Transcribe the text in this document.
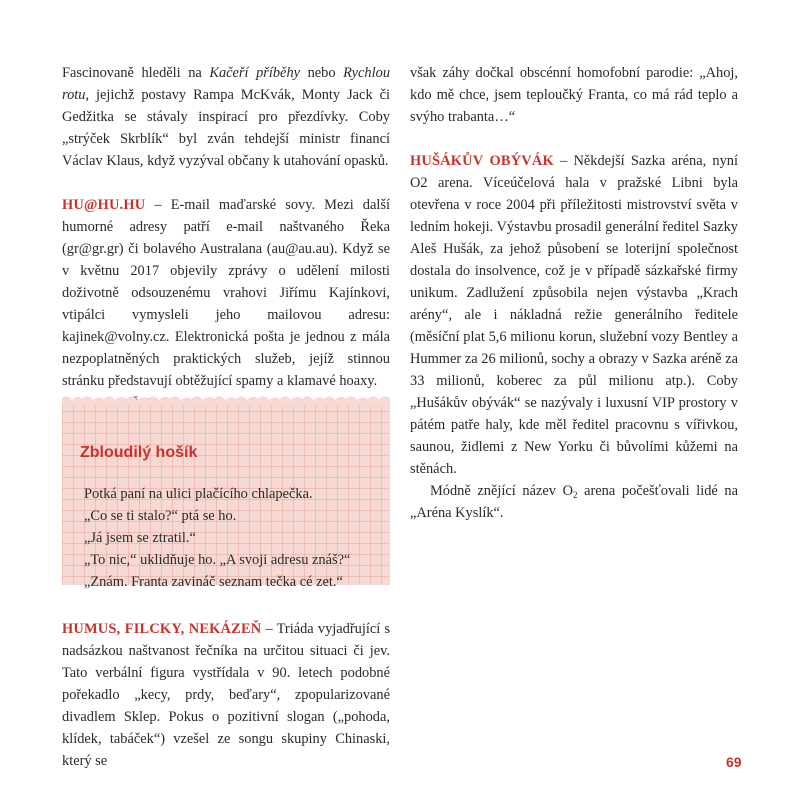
Fascinovaně hleděli na Kačeří příběhy nebo Rychlou rotu, jejichž postavy Rampa McKvák, Monty Jack či Gedžitka se stávaly inspirací pro přezdívky. Coby „strýček Skrblík“ byl zván tehdejší ministr financí Václav Klaus, když vyzýval občany k utahování opasků.

HU@HU.HU – E-mail maďarské sovy. Mezi další humorné adresy patří e-mail naštvaného Řeka (gr@gr.gr) či bolavého Australana (au@au.au). Když se v květnu 2017 objevily zprávy o udělení milosti doživotně odsouzenému vrahovi Jiřímu Kajínkovi, vtipálci vymysleli jeho mailovou adresu: kajinek@volny.cz. Elektronická pošta je jednou z mála nezpoplatněných praktických služeb, jejíž stinnou stránku představují obtěžující spamy a klamavé hoaxy.

Zbloudilý hošík
Potká paní na ulici plačícího chlapečka.
„Co se ti stalo?“ ptá se ho.
„Já jsem se ztratil.“
„To nic,“ uklidňuje ho. „A svoji adresu znáš?“
„Znám. Franta zavináč seznam tečka cé zet.“

HUMUS, FILCKY, NEKÁZEŇ – Triáda vyjadřující s nadsázkou naštvanost řečníka na určitou situaci či jev. Tato verbální figura vystřídala v 90. letech podobné pořekadlo „kecy, prdy, beďary“, zpopularizované divadlem Sklep. Pokus o pozitivní slogan („pohoda, klídek, tabáček“) vzešel ze songu skupiny Chinaski, který se

však záhy dočkal obscénní homofobní parodie: „Ahoj, kdo mě chce, jsem teploučký Franta, co má rád teplo a svýho trabanta…“

HUŠÁKŮV OBÝVÁK – Někdejší Sazka aréna, nyní O2 arena. Víceúčelová hala v pražské Libni byla otevřena v roce 2004 při příležitosti mistrovství světa v ledním hokeji. Výstavbu prosadil generální ředitel Sazky Aleš Hušák, za jehož působení se loterijní společnost dostala do insolvence, což je v případě sázkařské firmy unikum. Zadlužení způsobila nejen výstavba „Krach arény“, ale i nákladná režie generálního ředitele (měsíční plat 5,6 milionu korun, služební vozy Bentley a Hummer za 26 milionů, sochy a obrazy v Sazka aréně za 33 milionů, koberec za půl milionu atp.). Coby „Hušákův obývák“ se nazývaly i luxusní VIP prostory v pátém patře haly, kde měl ředitel pracovnu s vířivkou, saunou, židlemi z New Yorku či bůvolími kůžemi na stěnách.

Módně znějící název $O_2$ arena počešťovali lidé na „Aréna Kyslík“.

69
